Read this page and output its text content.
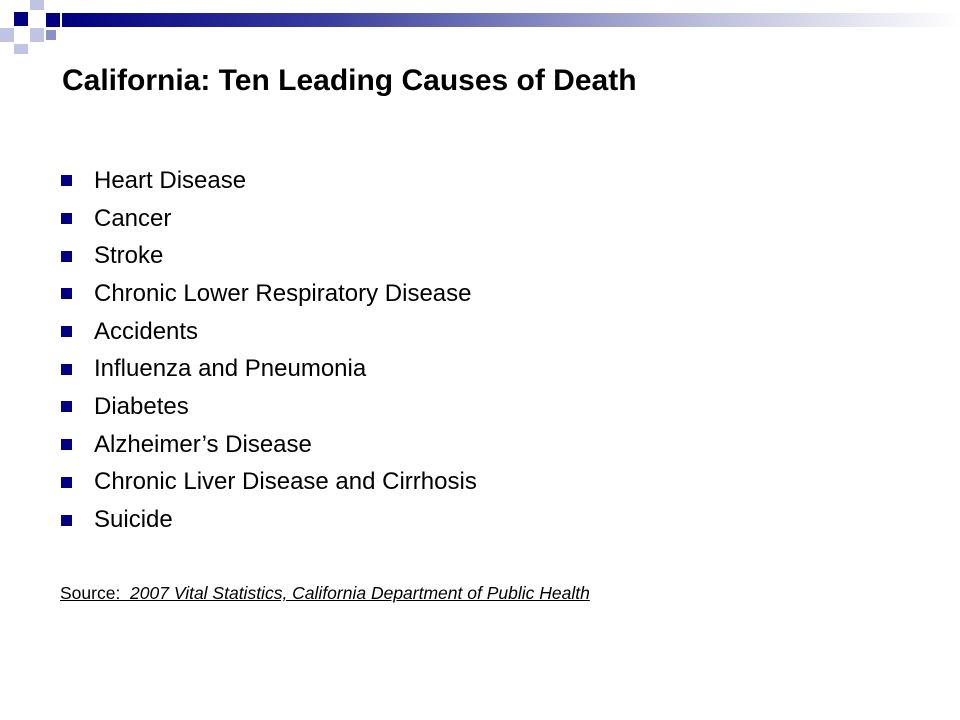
California: Ten Leading Causes of Death
Heart Disease
Cancer
Stroke
Chronic Lower Respiratory Disease
Accidents
Influenza and Pneumonia
Diabetes
Alzheimer’s Disease
Chronic Liver Disease and Cirrhosis
Suicide

Source:  2007 Vital Statistics, California Department of Public Health
